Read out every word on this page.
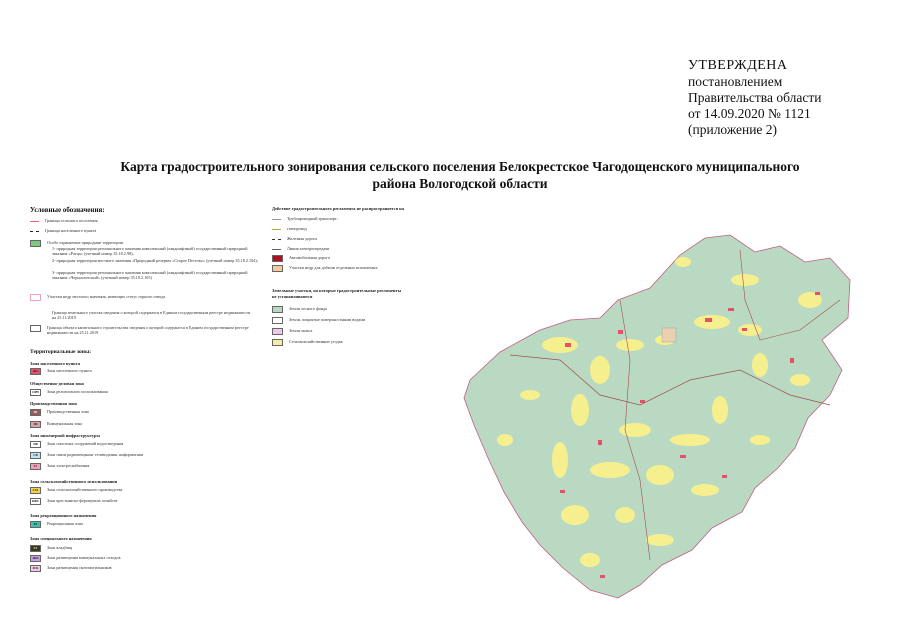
УТВЕРЖДЕНА
постановлением
Правительства области
от 14.09.2020 № 1121
(приложение 2)
Карта градостроительного зонирования сельского поселения Белокрестское Чагодощенского муниципального
района Вологодской области
Условные обозначения:
Граница сельского поселения
Граница населенного пункта
Особо охраняемые природные территории
1- природная территория регионального значения комплексный (ландшафтный) государственный природный заказник «Ратца» (учетный номер 35.18.2.98);
2- природная территория местного значения «Природный резерват «Старое Пестово» (учетный номер 35.18.2.104);
3- природная территория регионального значения комплексный (ландшафтный) государственный природный заказник «Черноохотский» (учетный номер 35.18.2.105)
Участки недр местного значения, имеющих статус горного отвода
Граница земельного участка сведения о которой содержатся в Едином государственном реестре недвижимости на 25.11.2019
Граница объекта капитального строительства сведения о которой содержатся в Едином государственном реестре недвижимости на 25.11.2019
Территориальные зоны:
Зона населенного пункта
Ж1	Зона населенного пункта
Общественно-деловая зона
ОРН	Зона религиозного использования
Производственная зона
П1	Производственная зона
П4	Коммунальная зона
Зона инженерной инфраструктуры
ИВ	Зона очистных сооружений водоотведения
СВ	Зона связи радиовещания, телевидения, информатики
Т1	Зона электроснабжения
Зона сельскохозяйственного использования
СХ1	Зона сельскохозяйственного производства
КФХ	Зона крестьянско-фермерских хозяйств
Зона рекреационного назначения
Р1	Рекреационная зона
Зона специального назначения
С1	Зона кладбищ
ЗКО	Зона размещения коммунальных отходов
ЗСК	Зона размещения скотомогильников
Действие градостроительного регламента не распространяется на
Трубопроводный транспорт:
газопровод
Железная дорога
Линия электропередачи
Автомобильная дорога
Участки недр для добычи отдельных ископаемых
Земельные участки, на которые градостроительные регламенты
не устанавливаются
Земли лесного фонда
Земли, покрытые поверхностными водами
Земли запаса
Сельскохозяйственные угодья
